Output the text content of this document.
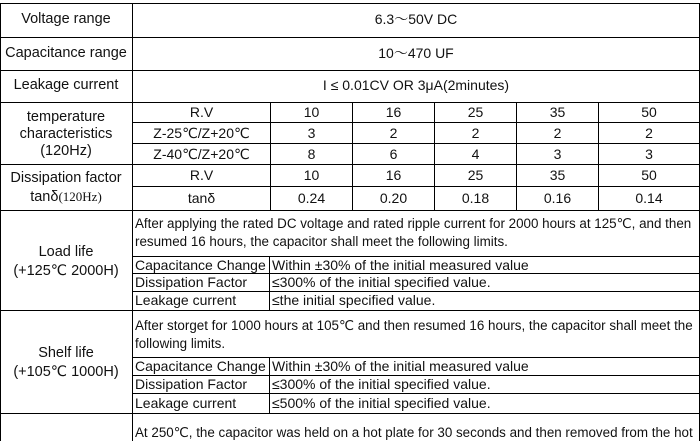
Voltage range	6.3～50V DC
Capacitance range	10～470 UF
Leakage current	I ≤ 0.01CV OR 3μA(2minutes)
temperature
characteristics
(120Hz)
R.V	10	16	25	35	50
Z-25℃/Z+20℃	3	2	2	2	2
Z-40℃/Z+20℃	8	6	4	3	3
Dissipation factor
tanδ(120Hz)
R.V	10	16	25	35	50
tanδ	0.24	0.20	0.18	0.16	0.14
Load life
(+125℃ 2000H)
After applying the rated DC voltage and rated ripple current for 2000 hours at 125℃, and then
resumed 16 hours, the capacitor shall meet the following limits.
Capacitance Change Within ±30% of the initial measured value
Dissipation Factor ≤300% of the initial specified value.
Leakage current	≤the initial specified value.
Shelf life
(+105℃ 1000H)
After storget for 1000 hours at 105℃ and then resumed 16 hours, the capacitor shall meet the
following limits.
Capacitance Change Within ±30% of the initial measured value
Dissipation Factor ≤300% of the initial specified value.
Leakage current	≤500% of the initial specified value.
At 250℃, the capacitor was held on a hot plate for 30 seconds and then removed from the hot
